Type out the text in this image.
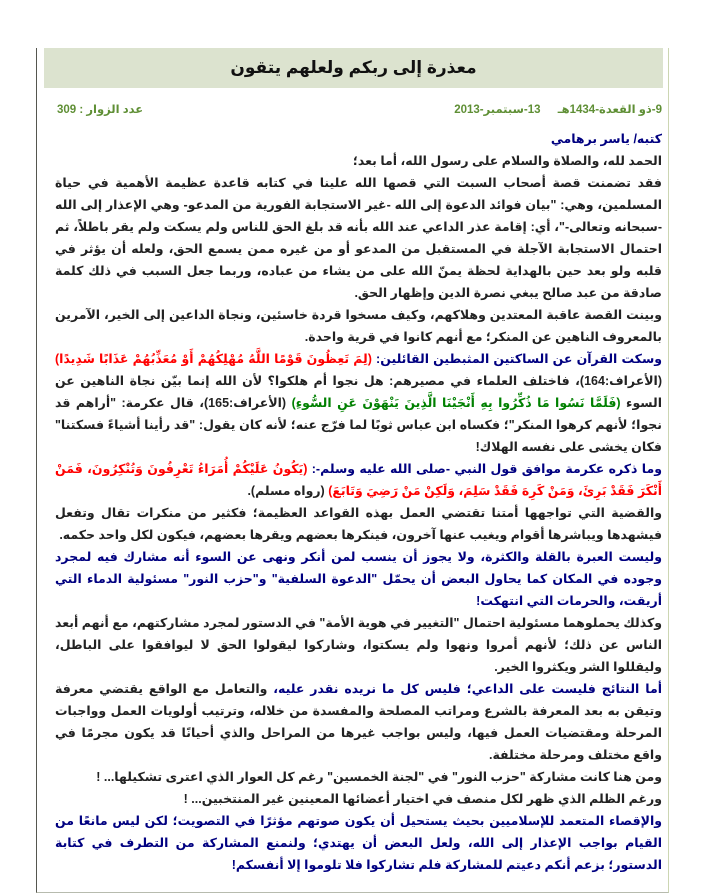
معذرة إلى ربكم ولعلهم يتقون
عدد الزوار : 309	9-ذو القعدة-1434هـ 13-سبتمبر-2013

كتبه/ ياسر برهامي

الحمد لله، والصلاة والسلام على رسول الله، أما بعد؛

فقد تضمنت قصة أصحاب السبت التي قصها الله علينا في كتابه قاعدة عظيمة الأهمية في حياة المسلمين، وهي: "بيان فوائد الدعوة إلى الله -غير الاستجابة الفورية من المدعو- وهي الإعذار إلى الله -سبحانه وتعالى-"، أي: إقامة عذر الداعي عند الله بأنه قد بلغ الحق للناس ولم يسكت ولم يقر باطلاً، ثم احتمال الاستجابة الآجلة في المستقبل من المدعو أو من غيره ممن يسمع الحق، ولعله أن يؤثر في قلبه ولو بعد حين بالهداية لحظة يمنّ الله على من يشاء من عباده، وربما جعل السبب في ذلك كلمة صادقة من عبد صالح يبغي نصرة الدين وإظهار الحق.

وبينت القصة عاقبة المعتدين وهلاكهم، وكيف مسخوا قردة خاسئين، ونجاة الداعين إلى الخير، الآمرين بالمعروف الناهين عن المنكر؛ مع أنهم كانوا في قرية واحدة.

وسكت القرآن عن الساكتين المثبطين القائلين: (لِمَ تَعِظُونَ قَوْمًا اللَّهُ مُهْلِكُهُمْ أَوْ مُعَذِّبُهُمْ عَذَابًا شَدِيدًا) (الأعراف:164)، فاختلف العلماء في مصيرهم: هل نجوا أم هلكوا؟ لأن الله إنما بيّن نجاة الناهين عن السوء (فَلَمَّا نَسُوا مَا ذُكِّرُوا بِهِ أَنْجَيْنَا الَّذِينَ يَنْهَوْنَ عَنِ السُّوءِ) (الأعراف:165)، قال عكرمة: "أراهم قد نجوا؛ لأنهم كرهوا المنكر"؛ فكساه ابن عباس ثوبًا لما فرّج عنه؛ لأنه كان يقول: "قد رأينا أشياءً فسكتنا" فكان يخشى على نفسه الهلاك!

وما ذكره عكرمة موافق قول النبي -صلى الله عليه وسلم-: (يَكُونُ عَلَيْكُمْ أُمَرَاءُ تَعْرِفُونَ وَتُنْكِرُونَ، فَمَنْ أَنْكَرَ فَقَدْ بَرِئَ، وَمَنْ كَرِهَ فَقَدْ سَلِمَ، وَلَكِنْ مَنْ رَضِيَ وَتَابَعَ) (رواه مسلم).

والقضية التي تواجهها أمتنا تقتضي العمل بهذه القواعد العظيمة؛ فكثير من منكرات تقال وتفعل فيشهدها ويباشرها أقوام ويغيب عنها آخرون، فينكرها بعضهم ويقرها بعضهم، فيكون لكل واحد حكمه.

وليست العبرة بالقلة والكثرة، ولا يجوز أن ينسب لمن أنكر ونهى عن السوء أنه مشارك فيه لمجرد وجوده في المكان كما يحاول البعض أن يحمّل "الدعوة السلفية" و"حزب النور" مسئولية الدماء التي أريقت، والحرمات التي انتهكت!

وكذلك يحملوهما مسئولية احتمال "التغيير في هوية الأمة" في الدستور لمجرد مشاركتهم، مع أنهم أبعد الناس عن ذلك؛ لأنهم أمروا ونهوا ولم يسكتوا، وشاركوا ليقولوا الحق لا ليوافقوا على الباطل، وليقللوا الشر ويكثروا الخير.

أما النتائج فليست على الداعي؛ فليس كل ما نريده نقدر عليه، والتعامل مع الواقع يقتضي معرفة وتيقن به بعد المعرفة بالشرع ومراتب المصلحة والمفسدة من خلاله، وترتيب أولويات العمل وواجبات المرحلة ومقتضيات العمل فيها، وليس بواجب غيرها من المراحل والذي أحيانًا قد يكون مجرمًا في واقع مختلف ومرحلة مختلفة.

ومن هنا كانت مشاركة "حزب النور" في "لجنة الخمسين" رغم كل العوار الذي اعترى تشكيلها... !

ورغم الظلم الذي ظهر لكل منصف في اختيار أعضائها المعينين غير المنتخبين... !

والإقصاء المتعمد للإسلاميين بحيث يستحيل أن يكون صوتهم مؤثرًا في التصويت؛ لكن ليس مانعًا من القيام بواجب الإعذار إلى الله، ولعل البعض أن يهتدي؛ ولنمنع المشاركة من التطرف في كتابة الدستور؛ بزعم أنكم دعيتم للمشاركة فلم تشاركوا فلا تلوموا إلا أنفسكم!
